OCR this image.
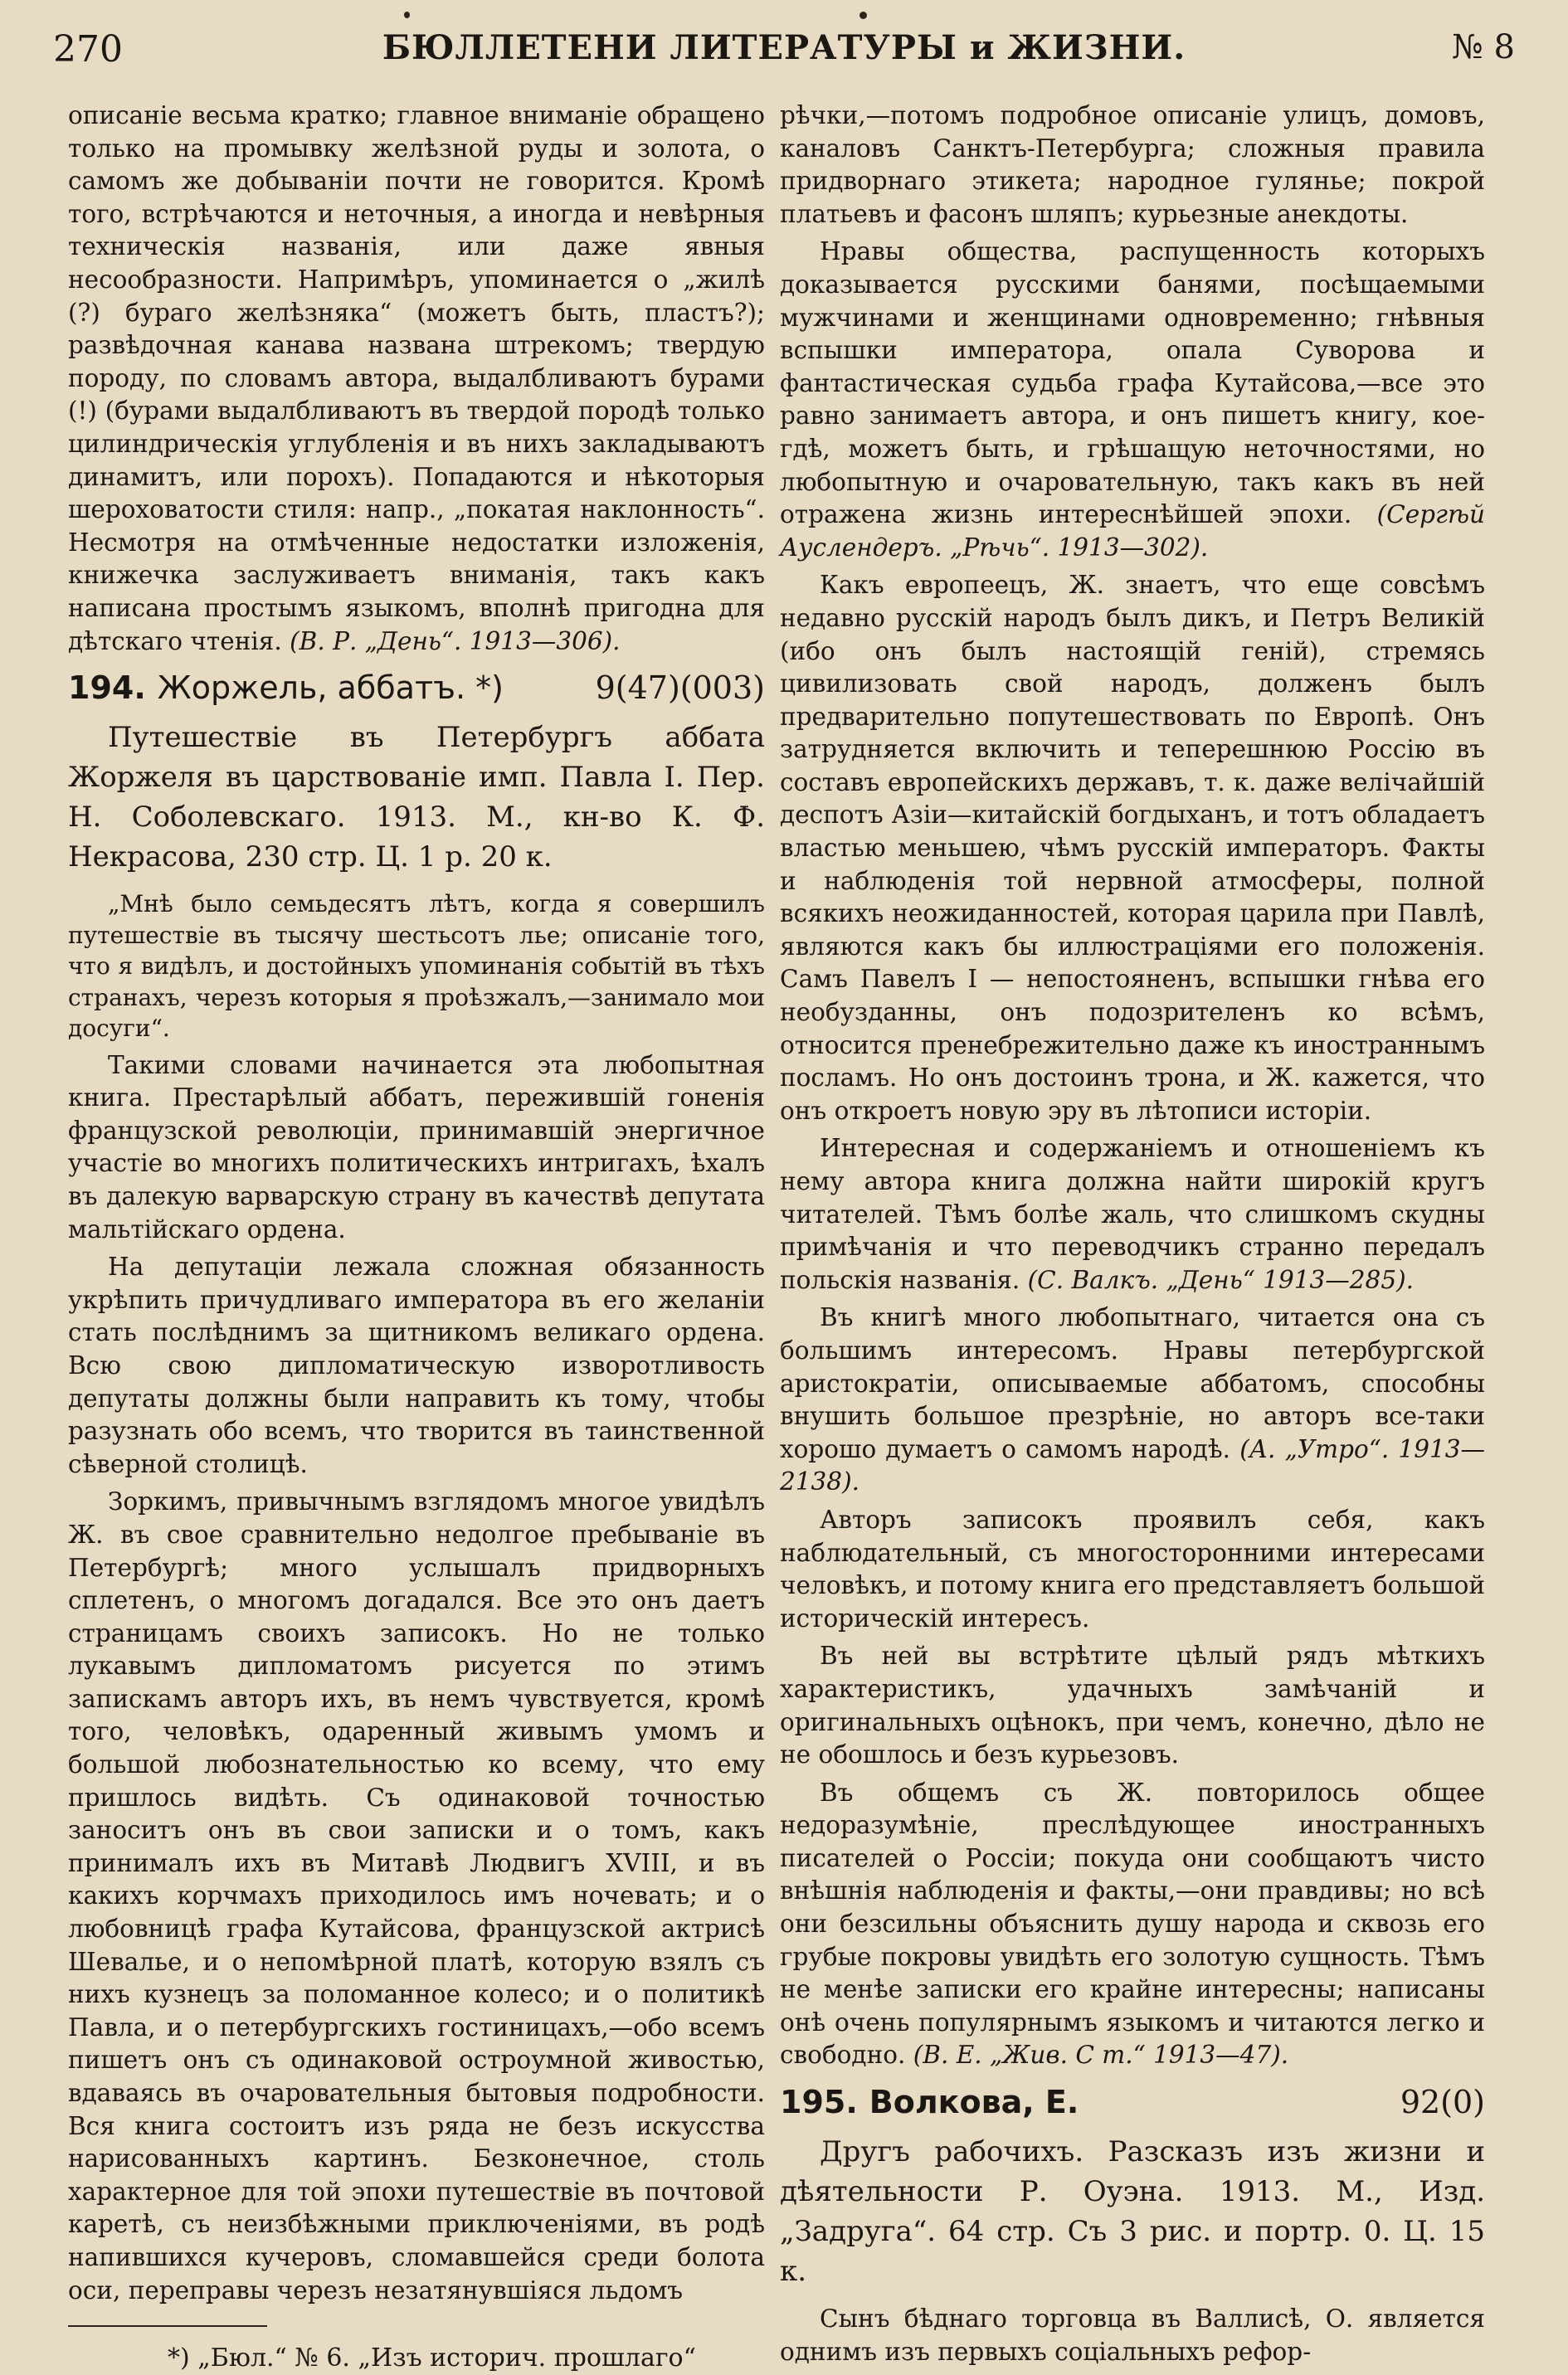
270	БЮЛЛЕТЕНИ ЛИТЕРАТУРЫ и ЖИЗНИ.	№ 8

описаніе весьма кратко; главное вниманіе обращено только на промывку желѣзной руды и золота, о самомъ же добываніи почти не говорится. Кромѣ того, встрѣчаются и неточныя, а иногда и невѣрныя техническія названія, или даже явныя несообразности. Напримѣръ, упоминается о „жилѣ (?) бураго желѣзняка“ (можетъ быть, пластъ?); развѣдочная канава названа штрекомъ; твердую породу, по словамъ автора, выдалбливаютъ бурами (!) (бурами выдалбливаютъ въ твердой породѣ только цилиндрическія углубленія и въ нихъ закладываютъ динамитъ, или порохъ). Попадаются и нѣкоторыя шероховатости стиля: напр., „покатая наклонность“. Несмотря на отмѣченные недостатки изложенія, книжечка заслуживаетъ вниманія, такъ какъ написана простымъ языкомъ, вполнѣ пригодна для дѣтскаго чтенія. (В. Р. „День“. 1913—306).

194. Жоржель, аббатъ. *)	9(47)(003)

Путешествіе въ Петербургъ аббата Жоржеля въ царствованіе имп. Павла I. Пер. Н. Соболевскаго. 1913. М., кн-во К. Ф. Некрасова, 230 стр. Ц. 1 р. 20 к.

„Мнѣ было семьдесятъ лѣтъ, когда я совершилъ путешествіе въ тысячу шестьсотъ лье; описаніе того, что я видѣлъ, и достойныхъ упоминанія событій въ тѣхъ странахъ, черезъ которыя я проѣзжалъ,—занимало мои досуги“.

Такими словами начинается эта любопытная книга. Престарѣлый аббатъ, пережившій гоненія французской революціи, принимавшій энергичное участіе во многихъ политическихъ интригахъ, ѣхалъ въ далекую варварскую страну въ качествѣ депутата мальтійскаго ордена.

На депутаціи лежала сложная обязанность укрѣпить причудливаго императора въ его желаніи стать послѣднимъ за щитникомъ великаго ордена. Всю свою дипломатическую изворотливость депутаты должны были направить къ тому, чтобы разузнать обо всемъ, что творится въ таинственной сѣверной столицѣ.

Зоркимъ, привычнымъ взглядомъ многое увидѣлъ Ж. въ свое сравнительно недолгое пребываніе въ Петербургѣ; много услышалъ придворныхъ сплетенъ, о многомъ догадался. Все это онъ даетъ страницамъ своихъ записокъ. Но не только лукавымъ дипломатомъ рисуется по этимъ запискамъ авторъ ихъ, въ немъ чувствуется, кромѣ того, человѣкъ, одаренный живымъ умомъ и большой любознательностью ко всему, что ему пришлось видѣть. Съ одинаковой точностью заноситъ онъ въ свои записки и о томъ, какъ принималъ ихъ въ Митавѣ Людвигъ XVIII, и въ какихъ корчмахъ приходилось имъ ночевать; и о любовницѣ графа Кутайсова, французской актрисѣ Шевалье, и о непомѣрной платѣ, которую взялъ съ нихъ кузнецъ за поломанное колесо; и о политикѣ Павла, и о петербургскихъ гостиницахъ,—обо всемъ пишетъ онъ съ одинаковой остроумной живостью, вдаваясь въ очаровательныя бытовыя подробности. Вся книга состоитъ изъ ряда не безъ искусства нарисованныхъ картинъ. Безконечное, столь характерное для той эпохи путешествіе въ почтовой каретѣ, съ неизбѣжными приключеніями, въ родѣ напившихся кучеровъ, сломавшейся среди болота оси, переправы черезъ незатянувшіяся льдомъ

*) „Бюл.“ № 6. „Изъ историч. прошлаго“

рѣчки,—потомъ подробное описаніе улицъ, домовъ, каналовъ Санктъ-Петербурга; сложныя правила придворнаго этикета; народное гулянье; покрой платьевъ и фасонъ шляпъ; курьезные анекдоты.

Нравы общества, распущенность которыхъ доказывается русскими банями, посѣщаемыми мужчинами и женщинами одновременно; гнѣвныя вспышки императора, опала Суворова и фантастическая судьба графа Кутайсова,—все это равно занимаетъ автора, и онъ пишетъ книгу, кое-гдѣ, можетъ быть, и грѣшащую неточностями, но любопытную и очаровательную, такъ какъ въ ней отражена жизнь интереснѣйшей эпохи. (Сергѣй Ауслендеръ. „Рѣчь“. 1913—302).

Какъ европеецъ, Ж. знаетъ, что еще совсѣмъ недавно русскій народъ былъ дикъ, и Петръ Великій (ибо онъ былъ настоящій геній), стремясь цивилизовать свой народъ, долженъ былъ предварительно попутешествовать по Европѣ. Онъ затрудняется включить и теперешнюю Россію въ составъ европейскихъ державъ, т. к. даже велічайшій деспотъ Азіи—китайскій богдыханъ, и тотъ обладаетъ властью меньшею, чѣмъ русскій императоръ. Факты и наблюденія той нервной атмосферы, полной всякихъ неожиданностей, которая царила при Павлѣ, являются какъ бы иллюстраціями его положенія. Самъ Павелъ I — непостояненъ, вспышки гнѣва его необузданны, онъ подозрителенъ ко всѣмъ, относится пренебрежительно даже къ иностраннымъ посламъ. Но онъ достоинъ трона, и Ж. кажется, что онъ откроетъ новую эру въ лѣтописи исторіи.

Интересная и содержаніемъ и отношеніемъ къ нему автора книга должна найти широкій кругъ читателей. Тѣмъ болѣе жаль, что слишкомъ скудны примѣчанія и что переводчикъ странно передалъ польскія названія. (С. Валкъ. „День“ 1913—285).

Въ книгѣ много любопытнаго, читается она съ большимъ интересомъ. Нравы петербургской аристократіи, описываемые аббатомъ, способны внушить большое презрѣніе, но авторъ все-таки хорошо думаетъ о самомъ народѣ. (А. „Утро“. 1913—2138).

Авторъ записокъ проявилъ себя, какъ наблюдательный, съ многосторонними интересами человѣкъ, и потому книга его представляетъ большой историческій интересъ.

Въ ней вы встрѣтите цѣлый рядъ мѣткихъ характеристикъ, удачныхъ замѣчаній и оригинальныхъ оцѣнокъ, при чемъ, конечно, дѣло не не обошлось и безъ курьезовъ.

Въ общемъ съ Ж. повторилось общее недоразумѣніе, преслѣдующее иностранныхъ писателей о Россіи; покуда они сообщаютъ чисто внѣшнія наблюденія и факты,—они правдивы; но всѣ они безсильны объяснить душу народа и сквозь его грубые покровы увидѣть его золотую сущность. Тѣмъ не менѣе записки его крайне интересны; написаны онѣ очень популярнымъ языкомъ и читаются легко и свободно. (В. Е. „Жив. С т.“ 1913—47).

195. Волкова, Е.	92(0)

Другъ рабочихъ. Разсказъ изъ жизни и дѣятельности Р. Оуэна. 1913. М., Изд. „Задруга“. 64 стр. Съ 3 рис. и портр. 0. Ц. 15 к.

Сынъ бѣднаго торговца въ Валлисѣ, О. является однимъ изъ первыхъ соціальныхъ рефор-
